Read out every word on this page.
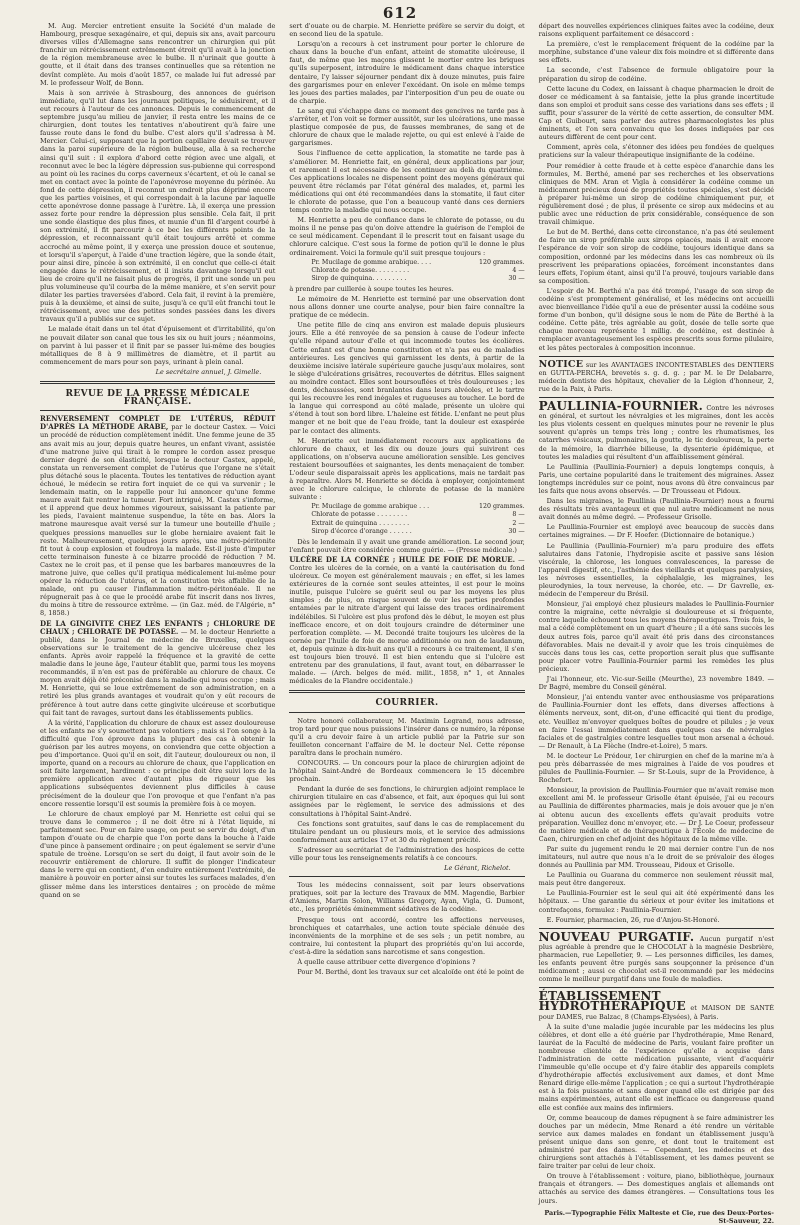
612

M. Aug. Mercier entretient ensuite la Société d'un malade de Hambourg, presque sexagénaire, et qui, depuis six ans, avait parcouru diverses villes d'Allemagne sans rencontrer un chirurgien qui pût franchir un rétrécissement extrêmement étroit qu'il avait à la jonction de la région membraneuse avec le bulbe. Il n'urinait que goutte à goutte, et il était dans des transes continuelles que sa rétention ne devînt complète. Au mois d'août 1857, ce malade lui fut adressé par M. le professeur Wolf, de Bonn.

Mais à son arrivée à Strasbourg, des annonces de guérison immédiate, qu'il lut dans les journaux politiques, le séduisirent, et il eut recours à l'auteur de ces annonces. Depuis le commencement de septembre jusqu'au milieu de janvier, il resta entre les mains de ce chirurgien, dont toutes les tentatives n'aboutirent qu'à faire une fausse route dans le fond du bulbe. C'est alors qu'il s'adressa à M. Mercier. Celui-ci, supposant que la portion capillaire devait se trouver dans la paroi supérieure de la région bulbeuse, alla à sa recherche ainsi qu'il suit : il explora d'abord cette région avec une algali, et reconnut avec le bec la légère dépression sus-pubienne qui correspond au point où les racines du corps caverneux s'écartent, et où le canal se met en contact avec la pointe de l'aponévrose moyenne du périnée. Au fond de cette dépression, il reconnut un endroit plus déprimé encore que les parties voisines, et qui correspondait à la lacune par laquelle cette aponévrose donne passage à l'urètre. Là, il exerça une pression assez forte pour rendre la dépression plus sensible. Cela fait, il prit une sonde élastique des plus fines, et munie d'un fil d'argent courbé à son extrémité, il fit parcourir à ce bec les différents points de la dépression, et reconnaissant qu'il était toujours arrêté et comme accroché au même point, il y exerça une pression douce et soutenue, et lorsqu'il s'aperçut, à l'aide d'une traction légère, que la sonde était, pour ainsi dire, pincée à son extrémité, il en conclut que celle-ci était engagée dans le rétrécissement, et il insista davantage lorsqu'il eut lieu de croire qu'il ne faisait plus de progrès, il prit une sonde un peu plus volumineuse qu'il courba de la même manière, et s'en servit pour dilater les parties traversées d'abord. Cela fait, il revint à la première, puis à la deuxième, et ainsi de suite, jusqu'à ce qu'il eût franchi tout le rétrécissement, avec une des petites sondes passées dans les divers travaux qu'il a publiés sur ce sujet.

Le malade était dans un tel état d'épuisement et d'irritabilité, qu'on ne pouvait dilater son canal que tous les six ou huit jours ; néanmoins, on parvint à lui passer et il finit par se passer lui-même des bougies métalliques de 8 à 9 millimètres de diamètre, et il partit au commencement de mars pour son pays, urinant à plein canal.

Le secrétaire annuel, J. Gimelle.
REVUE DE LA PRESSE MÉDICALE FRANÇAISE.

RENVERSEMENT COMPLET DE L'UTÉRUS, RÉDUIT D'APRÈS LA MÉTHODE ARABE, par le docteur Castex. — Voici un procédé de réduction complètement inédit. Une femme jeune de 35 ans avait mis au jour, depuis quatre heures, un enfant vivant, assistée d'une matrone juive qui tirait à le rompre le cordon assez presque dernier degré de son élasticité, lorsque le docteur Castex, appelé, constata un renversement complet de l'utérus que l'organe ne s'était plus détaché sous le placenta. Toutes les tentatives de réduction ayant échoué, le médecin se retira fort inquiet de ce qui va survenir ; le lendemain matin, on le rappelle pour lui annoncer qu'une femme maure avait fait rentrer la tumeur. Fort intrigué, M. Castex s'informe, et il apprend que deux hommes vigoureux, saisissant la patiente par les pieds, l'avaient maintenue suspendue, la tête en bas. Alors la matrone mauresque avait versé sur la tumeur une bouteille d'huile ; quelques pressions manuelles sur le globe herniaire avaient fait le reste. Malheureusement, quelques jours après, une métro-péritonite fit tout à coup explosion et foudroya la malade. Est-il juste d'imputer cette terminaison funeste à ce bizarre procédé de réduction ? M. Castex ne le croit pas, et il pense que les barbares manœuvres de la matrone juive, que celles qu'il pratiqua médicalement lui-même pour opérer la réduction de l'utérus, et la constitution très affaiblie de la malade, ont pu causer l'inflammation métro-péritonéale. Il ne répugnerait pas à ce que le procédé arabe fût inscrit dans nos livres, du moins à titre de ressource extrême. — (in Gaz. méd. de l'Algérie, n° 8, 1858.)

DE LA GINGIVITE CHEZ LES ENFANTS ; CHLORURE DE CHAUX ; CHLORATE DE POTASSE. — M. le docteur Henriette a publié, dans le Journal de médecine de Bruxelles, quelques observations sur le traitement de la gencive ulcéreuse chez les enfants. Après avoir rappelé la fréquence et la gravité de cette maladie dans le jeune âge, l'auteur établit que, parmi tous les moyens recommandés, il n'en est pas de préférable au chlorure de chaux. Ce moyen avait déjà été préconisé dans la maladie qui nous occupe ; mais M. Henriette, qui se loue extrêmement de son administration, en a retiré les plus grands avantages et voudrait qu'on y eût recours de préférence à tout autre dans cette gingivite ulcéreuse et scorbutique qui fait tant de ravages, surtout dans les établissements publics.

À la vérité, l'application du chlorure de chaux est assez douloureuse et les enfants ne s'y soumettent pas volontiers ; mais si l'on songe à la difficulté que l'on éprouve dans la plupart des cas à obtenir la guérison par les autres moyens, on conviendra que cette objection a peu d'importance. Quoi qu'il en soit, dit l'auteur, douloureux ou non, il importe, quand on a recours au chlorure de chaux, que l'application en soit faite largement, hardiment : ce principe doit être suivi lors de la première application avec d'autant plus de rigueur que les applications subséquentes deviennent plus difficiles à cause précisément de la douleur que l'on provoque et que l'enfant n'a pas encore ressentie lorsqu'il est soumis la première fois à ce moyen.

Le chlorure de chaux employé par M. Henriette est celui qui se trouve dans le commerce ; il ne doit être ni à l'état liquide, ni parfaitement sec. Pour en faire usage, on peut se servir du doigt, d'un tampon d'ouate ou de charpie que l'on porte dans la bouche à l'aide d'une pince à pansement ordinaire ; on peut également se servir d'une spatule de troène. Lorsqu'on se sert du doigt, il faut avoir soin de le recouvrir entièrement de chlorure. Il suffit de plonger l'indicateur dans le verre qui en contient, d'en enduire entièrement l'extrémité, de manière à pouvoir en porter ainsi sur toutes les surfaces malades, d'en glisser même dans les interstices dentaires ; on procède de même quand on se

sert d'ouate ou de charpie. M. Henriette préfère se servir du doigt, et en second lieu de la spatule.

Lorsqu'on a recours à cet instrument pour porter le chlorure de chaux dans la bouche d'un enfant, atteint de stomatite ulcéreuse, il faut, de même que les maçons glissent le mortier entre les briques qu'ils superposent, introduire le médicament dans chaque interstice dentaire, l'y laisser séjourner pendant dix à douze minutes, puis faire des gargarismes pour en enlever l'excédant. On isole en même temps les joues des parties malades, par l'interposition d'un peu de ouate ou de charpie.

Le sang qui s'échappe dans ce moment des gencives ne tarde pas à s'arrêter, et l'on voit se former aussitôt, sur les ulcérations, une masse plastique composée de pus, de fausses membranes, de sang et de chlorure de chaux que le malade rejette, ou qui est enlevé à l'aide de gargarismes.

Sous l'influence de cette application, la stomatite ne tarde pas à s'améliorer. M. Henriette fait, en général, deux applications par jour, et rarement il est nécessaire de les continuer au delà du quatrième. Ces applications locales ne dispensent point des moyens généraux qui peuvent être réclamés par l'état général des malades, et, parmi les médications qui ont été recommandées dans la stomatite, il faut citer le chlorate de potasse, que l'on a beaucoup vanté dans ces derniers temps contre la maladie qui nous occupe.

M. Henriette a peu de confiance dans le chlorate de potasse, ou du moins il ne pense pas qu'on doive attendre la guérison de l'emploi de ce seul médicament. Cependant il le prescrit tout en faisant usage du chlorure calcique. C'est sous la forme de potion qu'il le donne le plus ordinairement. Voici la formule qu'il suit presque toujours :

Pr. Mucilage de gomme arabique. . . .	120 grammes.
Chlorate de potasse. . . . . . . . .	4 —
Sirop de quinquina. . . . . . . . .	30 —

à prendre par cuillerée à soupe toutes les heures.

Le mémoire de M. Henriette est terminé par une observation dont nous allons donner une courte analyse, pour bien faire connaître la pratique de ce médecin.

Une petite fille de cinq ans environ est malade depuis plusieurs jours. Elle a été renvoyée de sa pension à cause de l'odeur infecte qu'elle répand autour d'elle et qui incommode toutes les écolières. Cette enfant est d'une bonne constitution et n'a pas eu de maladies antérieures. Les gencives qui garnissent les dents, à partir de la deuxième incisive latérale supérieure gauche jusqu'aux molaires, sont le siège d'ulcérations grisâtres, recouvertes de détritus. Elles saignent au moindre contact. Elles sont boursouflées et très douloureuses ; les dents, déchaussées, sont branlantes dans leurs alvéoles, et le tartre qui les recouvre les rend inégales et rugueuses au toucher. Le bord de la langue qui correspond au côté malade, présente un ulcère qui s'étend à tout son bord libre. L'haleine est fétide. L'enfant ne peut plus manger et ne boit que de l'eau froide, tant la douleur est exaspérée par le contact des aliments.

M. Henriette eut immédiatement recours aux applications de chlorure de chaux, et les dix ou douze jours qui suivirent ces applications, on n'observa aucune amélioration sensible. Les gencives restaient boursouflées et saignantes, les dents menaçaient de tomber. L'odeur seule disparaissait après les applications, mais ne tardait pas à reparaître. Alors M. Henriette se décida à employer, conjointement avec le chlorure calcique, le chlorate de potasse de la manière suivante :

Pr. Mucilage de gomme arabique . . .	120 grammes.
Chlorate de potasse . . . . . . . .	8 —
Extrait de quinquina . . . . . . . .	2 —
Sirop d'écorce d'orange . . . . . .	30 —

Dès le lendemain il y avait une grande amélioration. Le second jour, l'enfant pouvait être considérée comme guérie. — (Presse médicale.)

ULCÈRE DE LA CORNÉE ; HUILE DE FOIE DE MORUE. — Contre les ulcères de la cornée, on a vanté la cautérisation du fond ulcéreux. Ce moyen est généralement mauvais ; en effet, si les lames extérieures de la cornée sont seules atteintes, il est pour le moins inutile, puisque l'ulcère se guérit seul ou par les moyens les plus simples ; de plus, on risque souvent de voir les parties profondes entamées par le nitrate d'argent qui laisse des traces ordinairement indélébiles. Si l'ulcère est plus profond dès le début, le moyen est plus inefficace encore, et on doit toujours craindre de déterminer une perforation complète. — M. Decondé traite toujours les ulcères de la cornée par l'huile de foie de morue additionnée ou non de laudanum, et, depuis quinze à dix-huit ans qu'il a recours à ce traitement, il s'en est toujours bien trouvé. Il est bien entendu que si l'ulcère est entretenu par des granulations, il faut, avant tout, en débarrasser le malade. — (Arch. belges de méd. milit., 1858, n° 1, et Annales médicales de la Flandre occidentale.)

COURRIER.

Notre honoré collaborateur, M. Maximin Legrand, nous adresse, trop tard pour que nous puissions l'insérer dans ce numéro, la réponse qu'il a cru devoir faire à un article publié par la Patrie sur son feuilleton concernant l'affaire de M. le docteur Nel. Cette réponse paraîtra dans le prochain numéro.

CONCOURS. — Un concours pour la place de chirurgien adjoint de l'hôpital Saint-André de Bordeaux commencera le 15 décembre prochain.

Pendant la durée de ses fonctions, le chirurgien adjoint remplace le chirurgien titulaire en cas d'absence, et fait, aux époques qui lui sont assignées par le règlement, le service des admissions et des consultations à l'hôpital Saint-André.

Ces fonctions sont gratuites, sauf dans le cas de remplacement du titulaire pendant un ou plusieurs mois, et le service des admissions conformément aux articles 17 et 30 du règlement précité.

S'adresser au secrétariat de l'administration des hospices de cette ville pour tous les renseignements relatifs à ce concours.

Le Gérant, Richelot.

Tous les médecins connaissent, soit par leurs observations pratiques, soit par la lecture des Travaux de MM. Magendie, Barbier d'Amiens, Martin Solon, Williams Gregory, Ayan, Vigla, G. Dumont, etc., les propriétés éminemment sédatives de la codéine.

Presque tous ont accordé, contre les affections nerveuses, bronchiques et catarrhales, une action toute spéciale dénuée des inconvénients de la morphine et de ses sels ; un petit nombre, au contraire, lui contestent la plupart des propriétés qu'on lui accorde, c'est-à-dire la sédation sans narcotisme et sans congestion.

À quelle cause attribuer cette divergence d'opinions ?

Pour M. Berthé, dont les travaux sur cet alcaloïde ont été le point de

départ des nouvelles expériences cliniques faites avec la codéine, deux raisons expliquent parfaitement ce désaccord :

La première, c'est le remplacement fréquent de la codéine par la morphine, substance d'une valeur dix fois moindre et si différente dans ses effets.

La seconde, c'est l'absence de formule obligatoire pour la préparation du sirop de codéine.

Cette lacune du Codex, en laissant à chaque pharmacien le droit de doser ce médicament à sa fantaisie, jette la plus grande incertitude dans son emploi et produit sans cesse des variations dans ses effets ; il suffit, pour s'assurer de la vérité de cette assertion, de consulter MM. Cap et Guibourt, sans parler des autres pharmacologistes les plus éminents, et l'on sera convaincu que les doses indiquées par ces auteurs diffèrent de cent pour cent.

Comment, après cela, s'étonner des idées peu fondées de quelques praticiens sur la valeur thérapeutique insignifiante de la codéine.

Pour remédier à cette fraude et à cette espèce d'anarchie dans les formules, M. Berthé, amené par ses recherches et les observations cliniques de MM. Aran et Vigla à considérer la codéine comme un médicament précieux doué de propriétés toutes spéciales, s'est décidé à préparer lui-même un sirop de codéine chimiquement pur, et régulièrement dosé ; de plus, il présente ce sirop aux médecins et au public avec une réduction de prix considérable, conséquence de son travail chimique.

Le but de M. Berthé, dans cette circonstance, n'a pas été seulement de faire un sirop préférable aux sirops opiacés, mais il avait encore l'espérance de voir son sirop de codéine, toujours identique dans sa composition, ordonné par les médecins dans les cas nombreux où ils prescrivent les préparations opiacées, forcément inconstantes dans leurs effets, l'opium étant, ainsi qu'il l'a prouvé, toujours variable dans sa composition.

L'espoir de M. Berthé n'a pas été trompé, l'usage de son sirop de codéine s'est promptement généralisé, et les médecins ont accueilli avec bienveillance l'idée qu'il a eue de présenter aussi la codéine sous forme d'un bonbon, qu'il désigne sous le nom de Pâte de Berthé à la codéine. Cette pâte, très agréable au goût, dosée de telle sorte que chaque morceau représente 1 millig. de codéine, est destinée à remplacer avantageusement les espèces prescrits sous forme pilulaire, et les pâtes pectorales à composition inconnue.

NOTICE sur les AVANTAGES INCONTESTABLES des DENTIERS en GUTTA-PERCHA, brevetés s. g. d. g. ; par M. le Dr Delabarre, médecin dentiste des hôpitaux, chevalier de la Légion d'honneur, 2, rue de la Paix, à Paris.

PAULLINIA-FOURNIER. Contre les névroses en général, et surtout les névralgies et les migraines, dont les accès les plus violents cessent en quelques minutes pour ne revenir le plus souvent qu'après un temps très long ; contre les rhumatismes, les catarrhes vésicaux, pulmonaires, la goutte, le tic douloureux, la perte de la mémoire, la diarrhée bilieuse, la dysenterie épidémique, et toutes les maladies qui résultent d'un affaiblissement général.

Le Paullinia (Paullinia-Fournier) a depuis longtemps conquis, à Paris, une certaine popularité dans le traitement des migraines. Assez longtemps incrédules sur ce point, nous avons dû être convaincus par les faits que nous avons observés. — Dr Trousseau et Pidoux.

Dans les migraines, le Paullinia (Paullinia-Fournier) nous a fourni des résultats très avantageux et que nul autre médicament ne nous avait donnés au même degré. — Professeur Grisolle.

Le Paullinia-Fournier est employé avec beaucoup de succès dans certaines migraines. — Dr F. Hoefer. (Dictionnaire de botanique.)

Le Paullinia (Paullinia-Fournier) m'a paru produire des effets salutaires dans l'atonie, l'hydropisie ascite et passive sans lésion viscérale, la chlorose, les longues convalescences, la paresse de l'appareil digestif, etc., l'asthénie des vieillards et quelques paralysies, les névroses essentielles, la céphalalgie, les migraines, les pleurodynies, la toux nerveuse, la chorée, etc. — Dr Gavrelle, ex-médecin de l'empereur du Brésil.

Monsieur, j'ai employé chez plusieurs malades le Paullinia-Fournier contre la migraine, cette névralgie si douloureuse et si fréquente, contre laquelle échouent tous les moyens thérapeutiques. Trois fois, le mal a cédé complètement en un quart d'heure ; il a été sans succès les deux autres fois, parce qu'il avait été pris dans des circonstances défavorables. Mais ne devait-il y avoir que les trois cinquièmes de succès dans tous les cas, cette proportion serait plus que suffisante pour placer votre Paullinia-Fournier parmi les remèdes les plus précieux.

J'ai l'honneur, etc. Vic-sur-Seille (Meurthe), 23 novembre 1849. — Dr Bagré, membre du Conseil général.

Monsieur, j'ai entendu vanter avec enthousiasme vos préparations de Paullinia-Fournier dont les effets, dans diverses affections à éléments nerveux, sont, dit-on, d'une efficacité qui tient du prodige, etc. Veuillez m'envoyer quelques boîtes de poudre et pilules ; je veux en faire l'essai immédiatement dans quelques cas de névralgies faciales et de gastralgies contre lesquelles tout mon arsenal a échoué. — Dr Renault, à La Flèche (Indre-et-Loire), 5 mars.

M. le docteur Le Prédour, 1er chirurgien en chef de la marine m'a à peu près débarrassée de mes migraines à l'aide de vos poudres et pilules de Paullinia-Fournier. — Sr St-Louis, supr de la Providence, à Rochefort.

Monsieur, la provision de Paullinia-Fournier que m'avait remise mon excellent ami M. le professeur Grisolle étant épuisée, j'ai eu recours au Paullinia de différentes pharmacies, mais je dois avouer que je n'en ai obtenu aucun des excellents effets qu'avait produits votre préparation. Veuillez donc m'envoyer, etc. — Dr J. Le Coeur, professeur de matière médicale et de thérapeutique à l'École de médecine de Caen, chirurgien en chef adjoint des hôpitaux de la même ville.

Par suite du jugement rendu le 20 mai dernier contre l'un de nos imitateurs, nul autre que nous n'a le droit de se prévaloir des éloges donnés au Paullinia par MM. Trousseau, Pidoux et Grisolle.

Le Paullinia ou Guarana du commerce non seulement réussit mal, mais peut être dangereux.

Le Paullinia-Fournier est le seul qui ait été expérimenté dans les hôpitaux. — Une garantie du sérieux et pour éviter les imitations et contrefaçons, formulez : Paullinia-Fournier.

E. Fournier, pharmacien, 26, rue d'Anjou-St-Honoré.

NOUVEAU PURGATIF. Aucun purgatif n'est plus agréable à prendre que le CHOCOLAT à la magnésie Desbrière, pharmacien, rue Lepelletier, 9. — Les personnes difficiles, les dames, les enfants peuvent être purgés sans soupçonner la présence d'un médicament ; aussi ce chocolat est-il recommandé par les médecins comme le meilleur purgatif dans une foule de maladies.

ÉTABLISSEMENT HYDROTHÉRAPIQUE et MAISON DE SANTÉ pour DAMES, rue Balzac, 8 (Champs-Élysées), à Paris.

À la suite d'une maladie jugée incurable par les médecins les plus célèbres, et dont elle a été guérie par l'hydrothérapie, Mme Renard, lauréat de la Faculté de médecine de Paris, voulant faire profiter un nombreuse clientèle de l'expérience qu'elle a acquise dans l'administration de cette médication puissante, vient d'acquérir l'immeuble qu'elle occupe et d'y faire établir des appareils complets d'hydrothérapie affectés exclusivement aux dames, et dont Mme Renard dirige elle-même l'application ; ce qui a surtout l'hydrothérapie est à la fois puissante et sans danger quand elle est dirigée par des mains expérimentées, autant elle est inefficace ou dangereuse quand elle est confiée aux mains des infirmiers.

Or, comme beaucoup de dames répugnent à se faire administrer les douches par un médecin, Mme Renard a été rendre un véritable service aux dames malades en fondant un établissement jusqu'à présent unique dans son genre, et dont tout le traitement est administré par des dames. — Cependant, les médecins et des chirurgiens sont attachés à l'établissement, et les dames peuvent se faire traiter par celui de leur choix.

On trouve à l'établissement : voiture, piano, bibliothèque, journaux français et étrangers. — Des domestiques anglais et allemands ont attachés au service des dames étrangères. — Consultations tous les jours.

Paris.—Typographie Félix Malteste et Cie, rue des Deux-Portes-St-Sauveur, 22.
